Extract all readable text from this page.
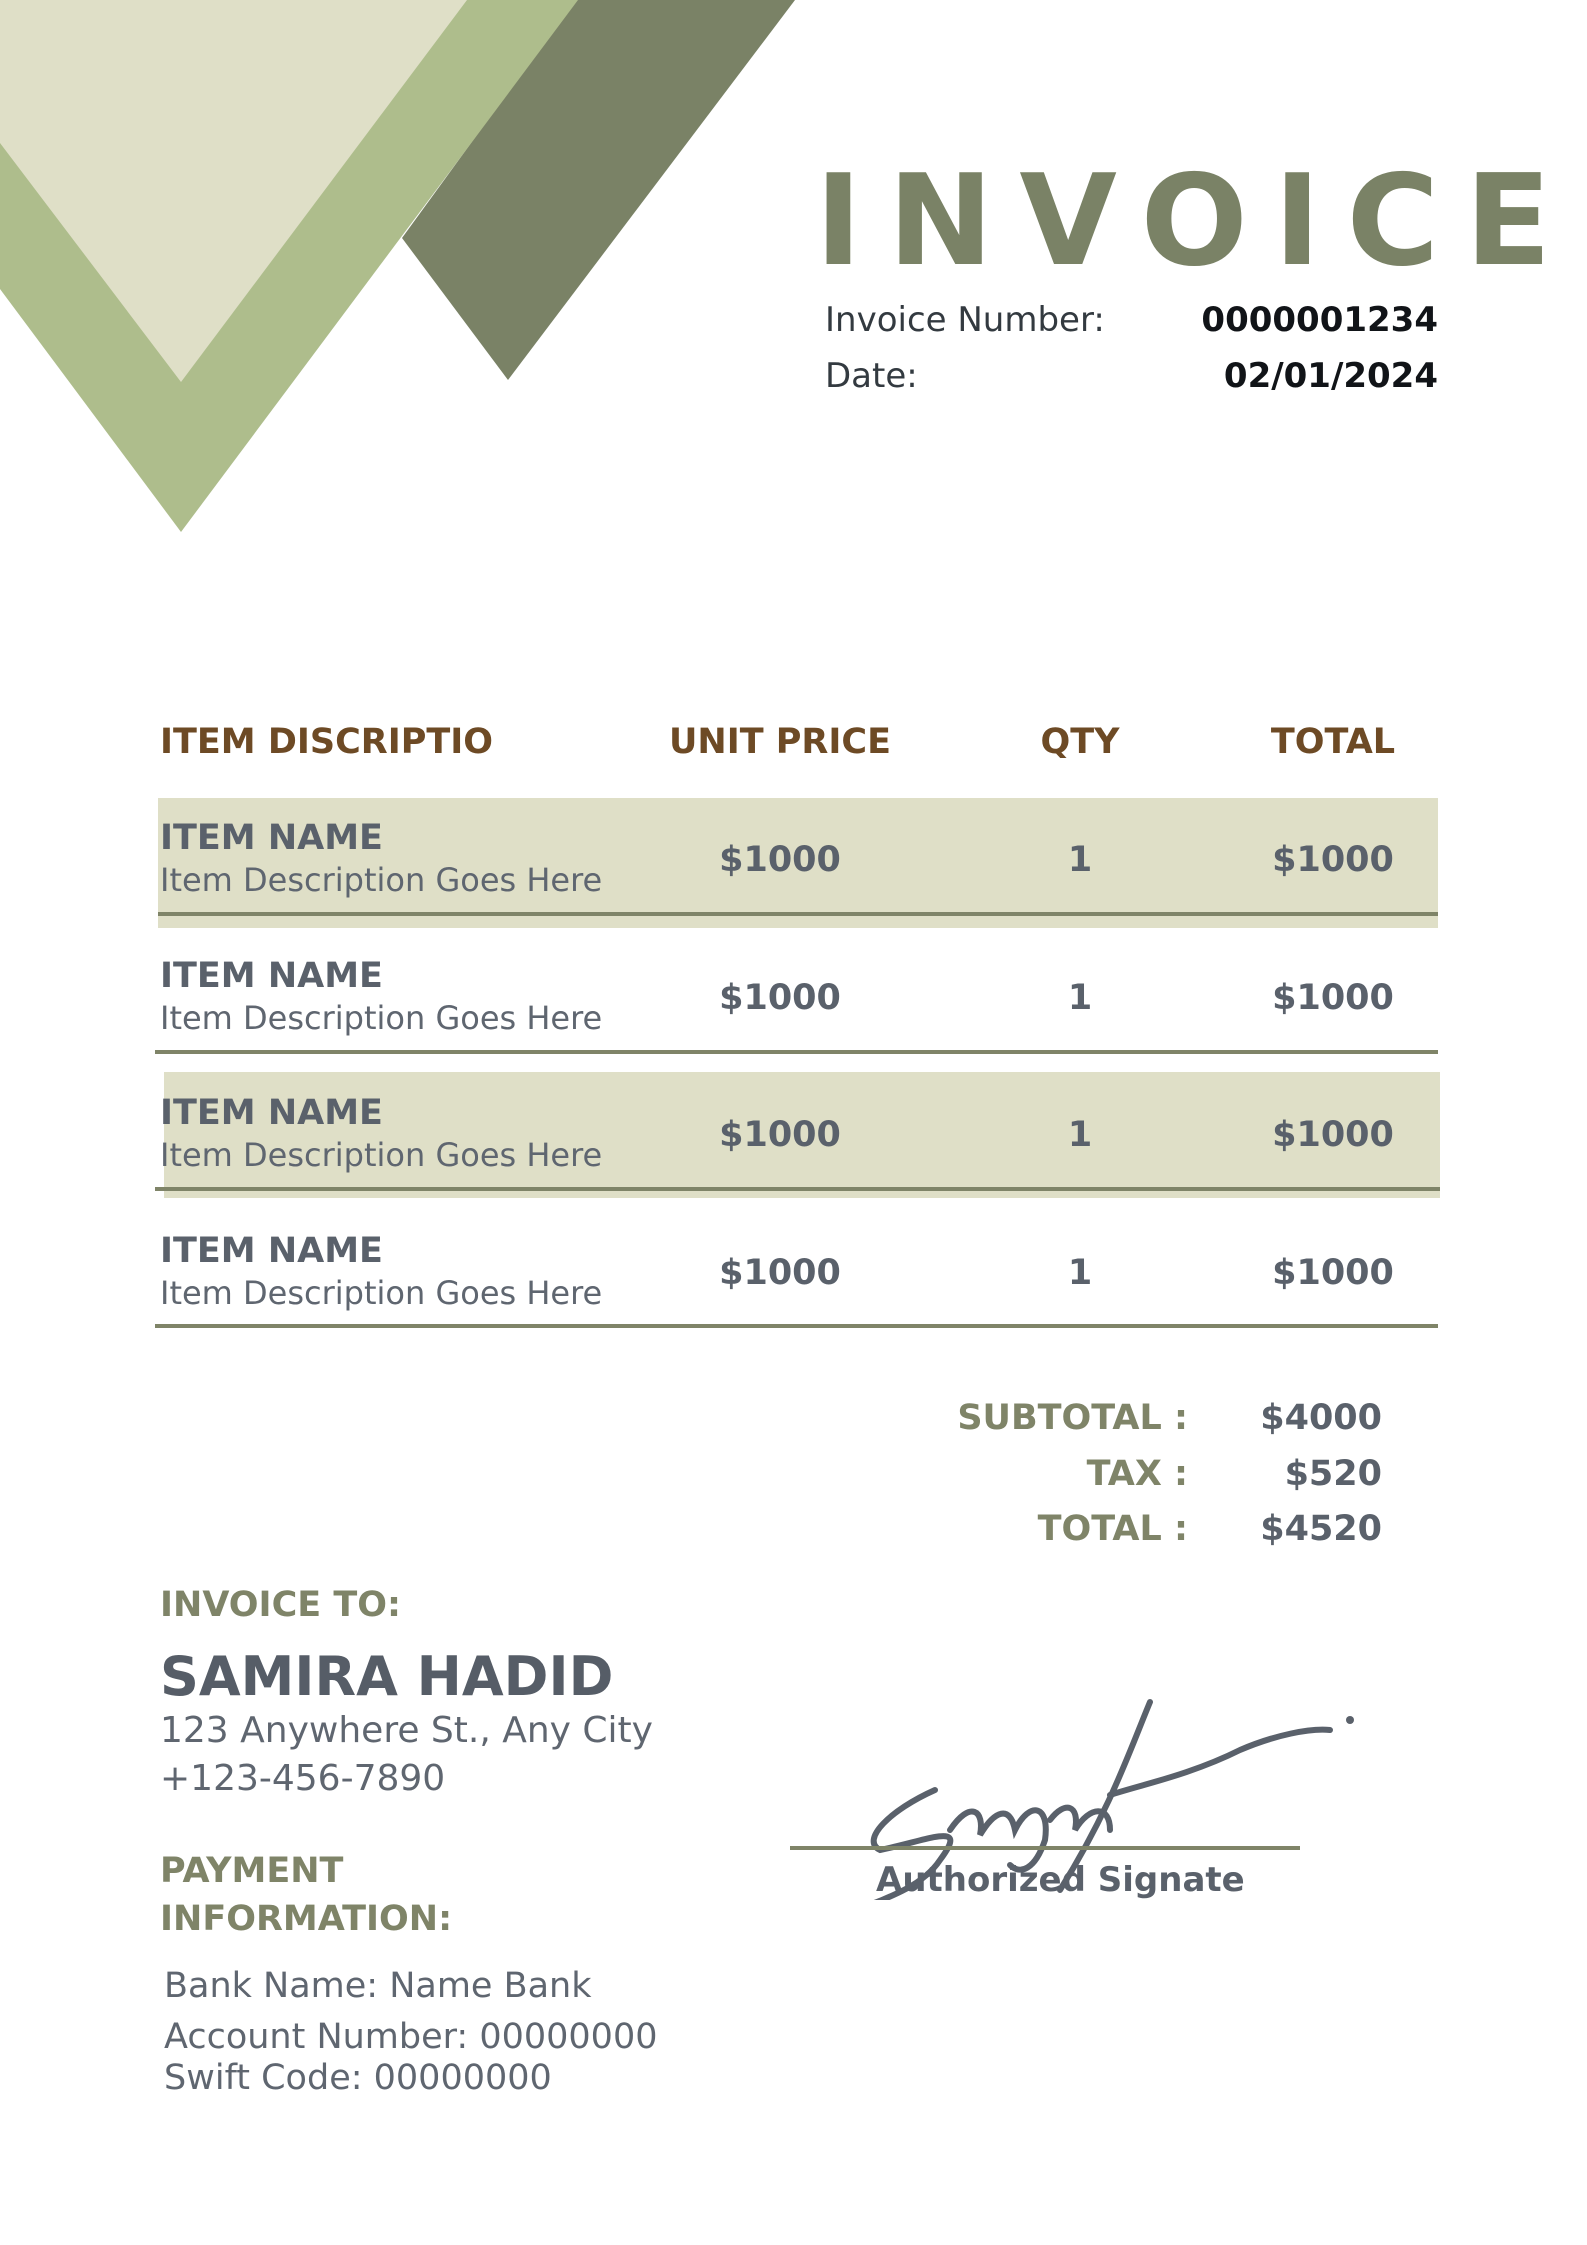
INVOICE
Invoice Number:	0000001234
Date:	02/01/2024
ITEM DISCRIPTIO	UNIT PRICE	QTY	TOTAL
ITEM NAME
Item Description Goes Here	$1000	1	$1000
ITEM NAME
Item Description Goes Here	$1000	1	$1000
ITEM NAME
Item Description Goes Here	$1000	1	$1000
ITEM NAME
Item Description Goes Here	$1000	1	$1000
SUBTOTAL :	$4000
TAX :	$520
TOTAL :	$4520
INVOICE TO:
SAMIRA HADID
123 Anywhere St., Any City
+123-456-7890
PAYMENT
INFORMATION:
Bank Name: Name Bank
Account Number: 00000000
Swift Code: 00000000
Authorized Signate
